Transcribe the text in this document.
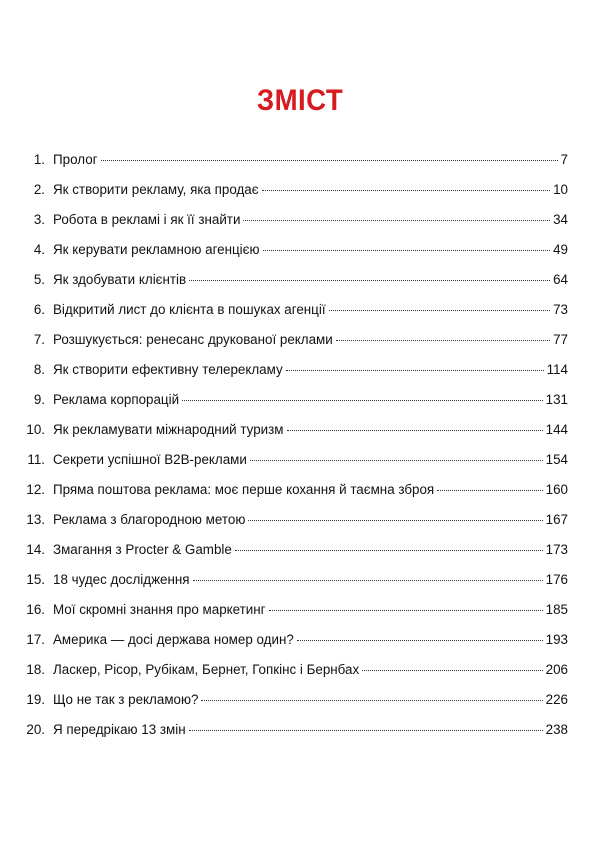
ЗМІСТ
1. Пролог	7
2. Як створити рекламу, яка продає	10
3. Робота в рекламі і як її знайти	34
4. Як керувати рекламною агенцією	49
5. Як здобувати клієнтів	64
6. Відкритий лист до клієнта в пошуках агенції	73
7. Розшукується: ренесанс друкованої реклами	77
8. Як створити ефективну телерекламу	114
9. Реклама корпорацій	131
10. Як рекламувати міжнародний туризм	144
11. Секрети успішної B2B-реклами	154
12. Пряма поштова реклама: моє перше кохання й таємна зброя	160
13. Реклама з благородною метою	167
14. Змагання з Procter & Gamble	173
15. 18 чудес дослідження	176
16. Мої скромні знання про маркетинг	185
17. Америка — досі держава номер один?	193
18. Ласкер, Рісор, Рубікам, Бернет, Гопкінс і Бернбах	206
19. Що не так з рекламою?	226
20. Я передрікаю 13 змін	238
